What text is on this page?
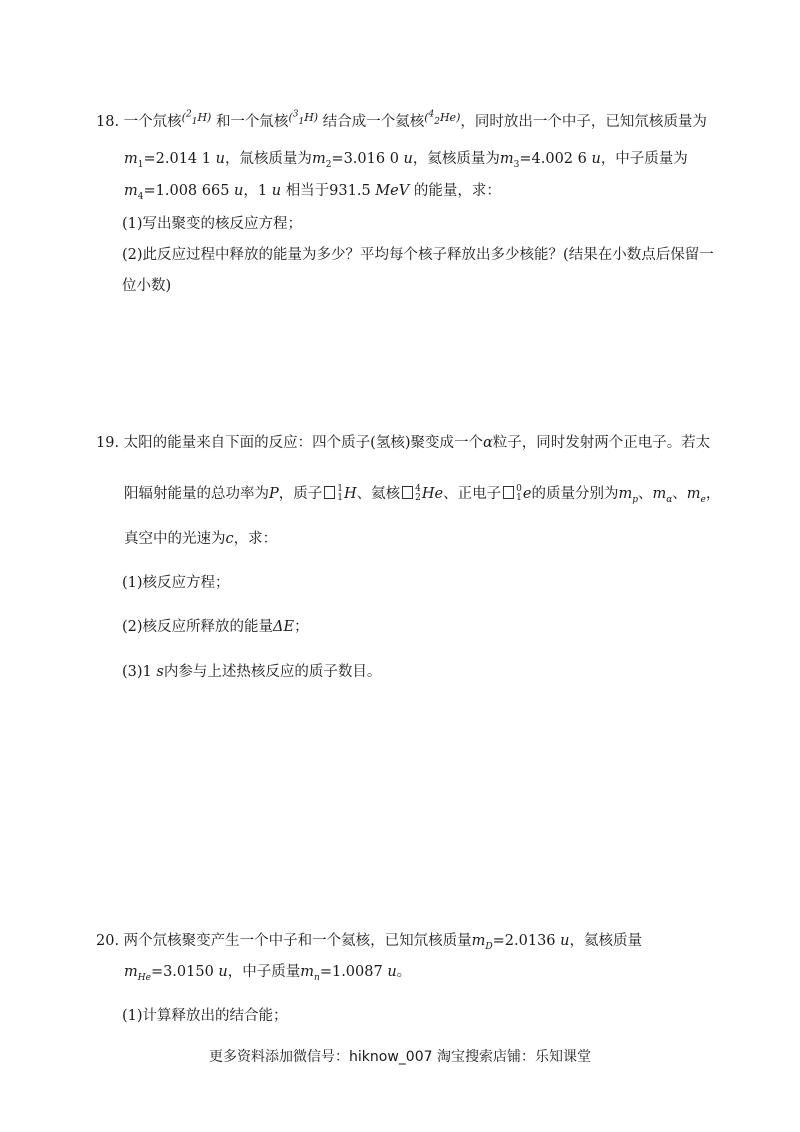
18. 一个氘核$^{(^2_1H)}$ 和一个氚核$^{(^3_1H)}$ 结合成一个氦核$^{(^4_2He)}$，同时放出一个中子，已知氘核质量为
$m_1=2.014$ 1 u，氚核质量为$m_2=3.016$ 0 u，氦核质量为$m_3=4.002$ 6 u，中子质量为
$m_4=1.008$ 665 u，1 u 相当于931.5 MeV 的能量，求：
(1)写出聚变的核反应方程；
(2)此反应过程中释放的能量为多少？平均每个核子释放出多少核能？(结果在小数点后保留一
位小数)
19. 太阳的能量来自下面的反应：四个质子(氢核)聚变成一个α粒子，同时发射两个正电子。若太
阳辐射能量的总功率为P，质子 1
1 H、氦核 4
2 He、正电子 0
1 e的质量分别为$m_p$、$m_\alpha$、$m_e$，
真空中的光速为c，求：
(1)核反应方程；
(2)核反应所释放的能量ΔE；
(3)1 s内参与上述热核反应的质子数目。
20. 两个氘核聚变产生一个中子和一个氦核，已知氘核质量$m_D=2.0136$ u，氦核质量
$m_{He}=3.0150$ u，中子质量$m_n=1.0087$ u。
(1)计算释放出的结合能；
更多资料添加微信号：hiknow_007 淘宝搜索店铺：乐知课堂
